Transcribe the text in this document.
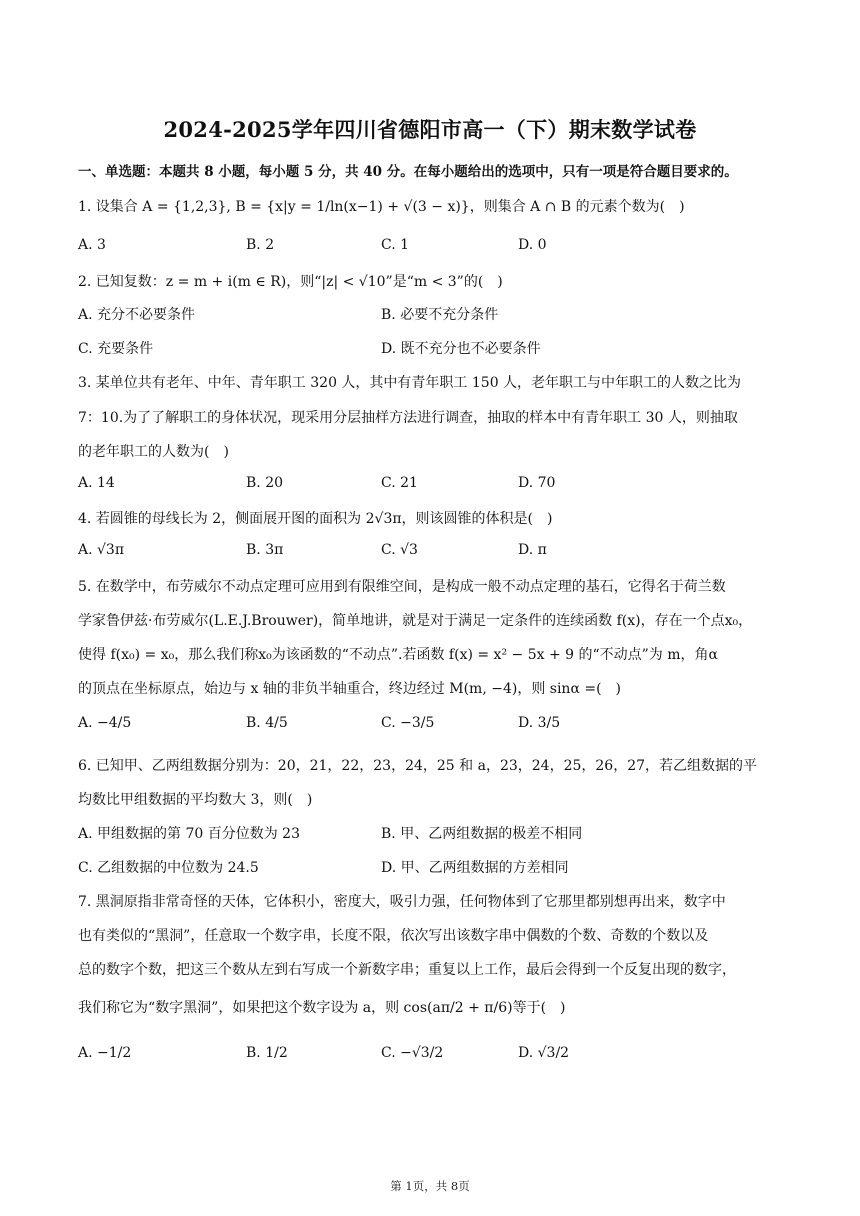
2024-2025学年四川省德阳市高一（下）期末数学试卷
一、单选题：本题共 8 小题，每小题 5 分，共 40 分。在每小题给出的选项中，只有一项是符合题目要求的。
1. 设集合 A = {1,2,3}, B = {x|y = 1/ln(x−1) + √(3 − x)}，则集合 A ∩ B 的元素个数为(　)
A. 3	B. 2	C. 1	D. 0
2. 已知复数：z = m + i(m ∈ R)，则“|z| < √10”是“m < 3”的(　)
A. 充分不必要条件	B. 必要不充分条件
C. 充要条件	D. 既不充分也不必要条件
3. 某单位共有老年、中年、青年职工 320 人，其中有青年职工 150 人，老年职工与中年职工的人数之比为
7：10.为了了解职工的身体状况，现采用分层抽样方法进行调查，抽取的样本中有青年职工 30 人，则抽取
的老年职工的人数为(　)
A. 14	B. 20	C. 21	D. 70
4. 若圆锥的母线长为 2，侧面展开图的面积为 2√3π，则该圆锥的体积是(　)
A. √3π	B. 3π	C. √3	D. π
5. 在数学中，布劳威尔不动点定理可应用到有限维空间，是构成一般不动点定理的基石，它得名于荷兰数
学家鲁伊兹·布劳威尔(L.E.J.Brouwer)，简单地讲，就是对于满足一定条件的连续函数 f(x)，存在一个点x₀，
使得 f(x₀) = x₀，那么我们称x₀为该函数的“不动点”.若函数 f(x) = x² − 5x + 9 的“不动点”为 m，角α
的顶点在坐标原点，始边与 x 轴的非负半轴重合，终边经过 M(m, −4)，则 sinα =(　)
A. −4/5	B. 4/5	C. −3/5	D. 3/5
6. 已知甲、乙两组数据分别为：20，21，22，23，24，25 和 a，23，24，25，26，27，若乙组数据的平
均数比甲组数据的平均数大 3，则(　)
A. 甲组数据的第 70 百分位数为 23	B. 甲、乙两组数据的极差不相同
C. 乙组数据的中位数为 24.5	D. 甲、乙两组数据的方差相同
7. 黑洞原指非常奇怪的天体，它体积小，密度大，吸引力强，任何物体到了它那里都别想再出来，数字中
也有类似的“黑洞”，任意取一个数字串，长度不限，依次写出该数字串中偶数的个数、奇数的个数以及
总的数字个数，把这三个数从左到右写成一个新数字串；重复以上工作，最后会得到一个反复出现的数字，
我们称它为“数字黑洞”，如果把这个数字设为 a，则 cos(aπ/2 + π/6)等于(　)
A. −1/2	B. 1/2	C. −√3/2	D. √3/2
第 1页，共 8页
